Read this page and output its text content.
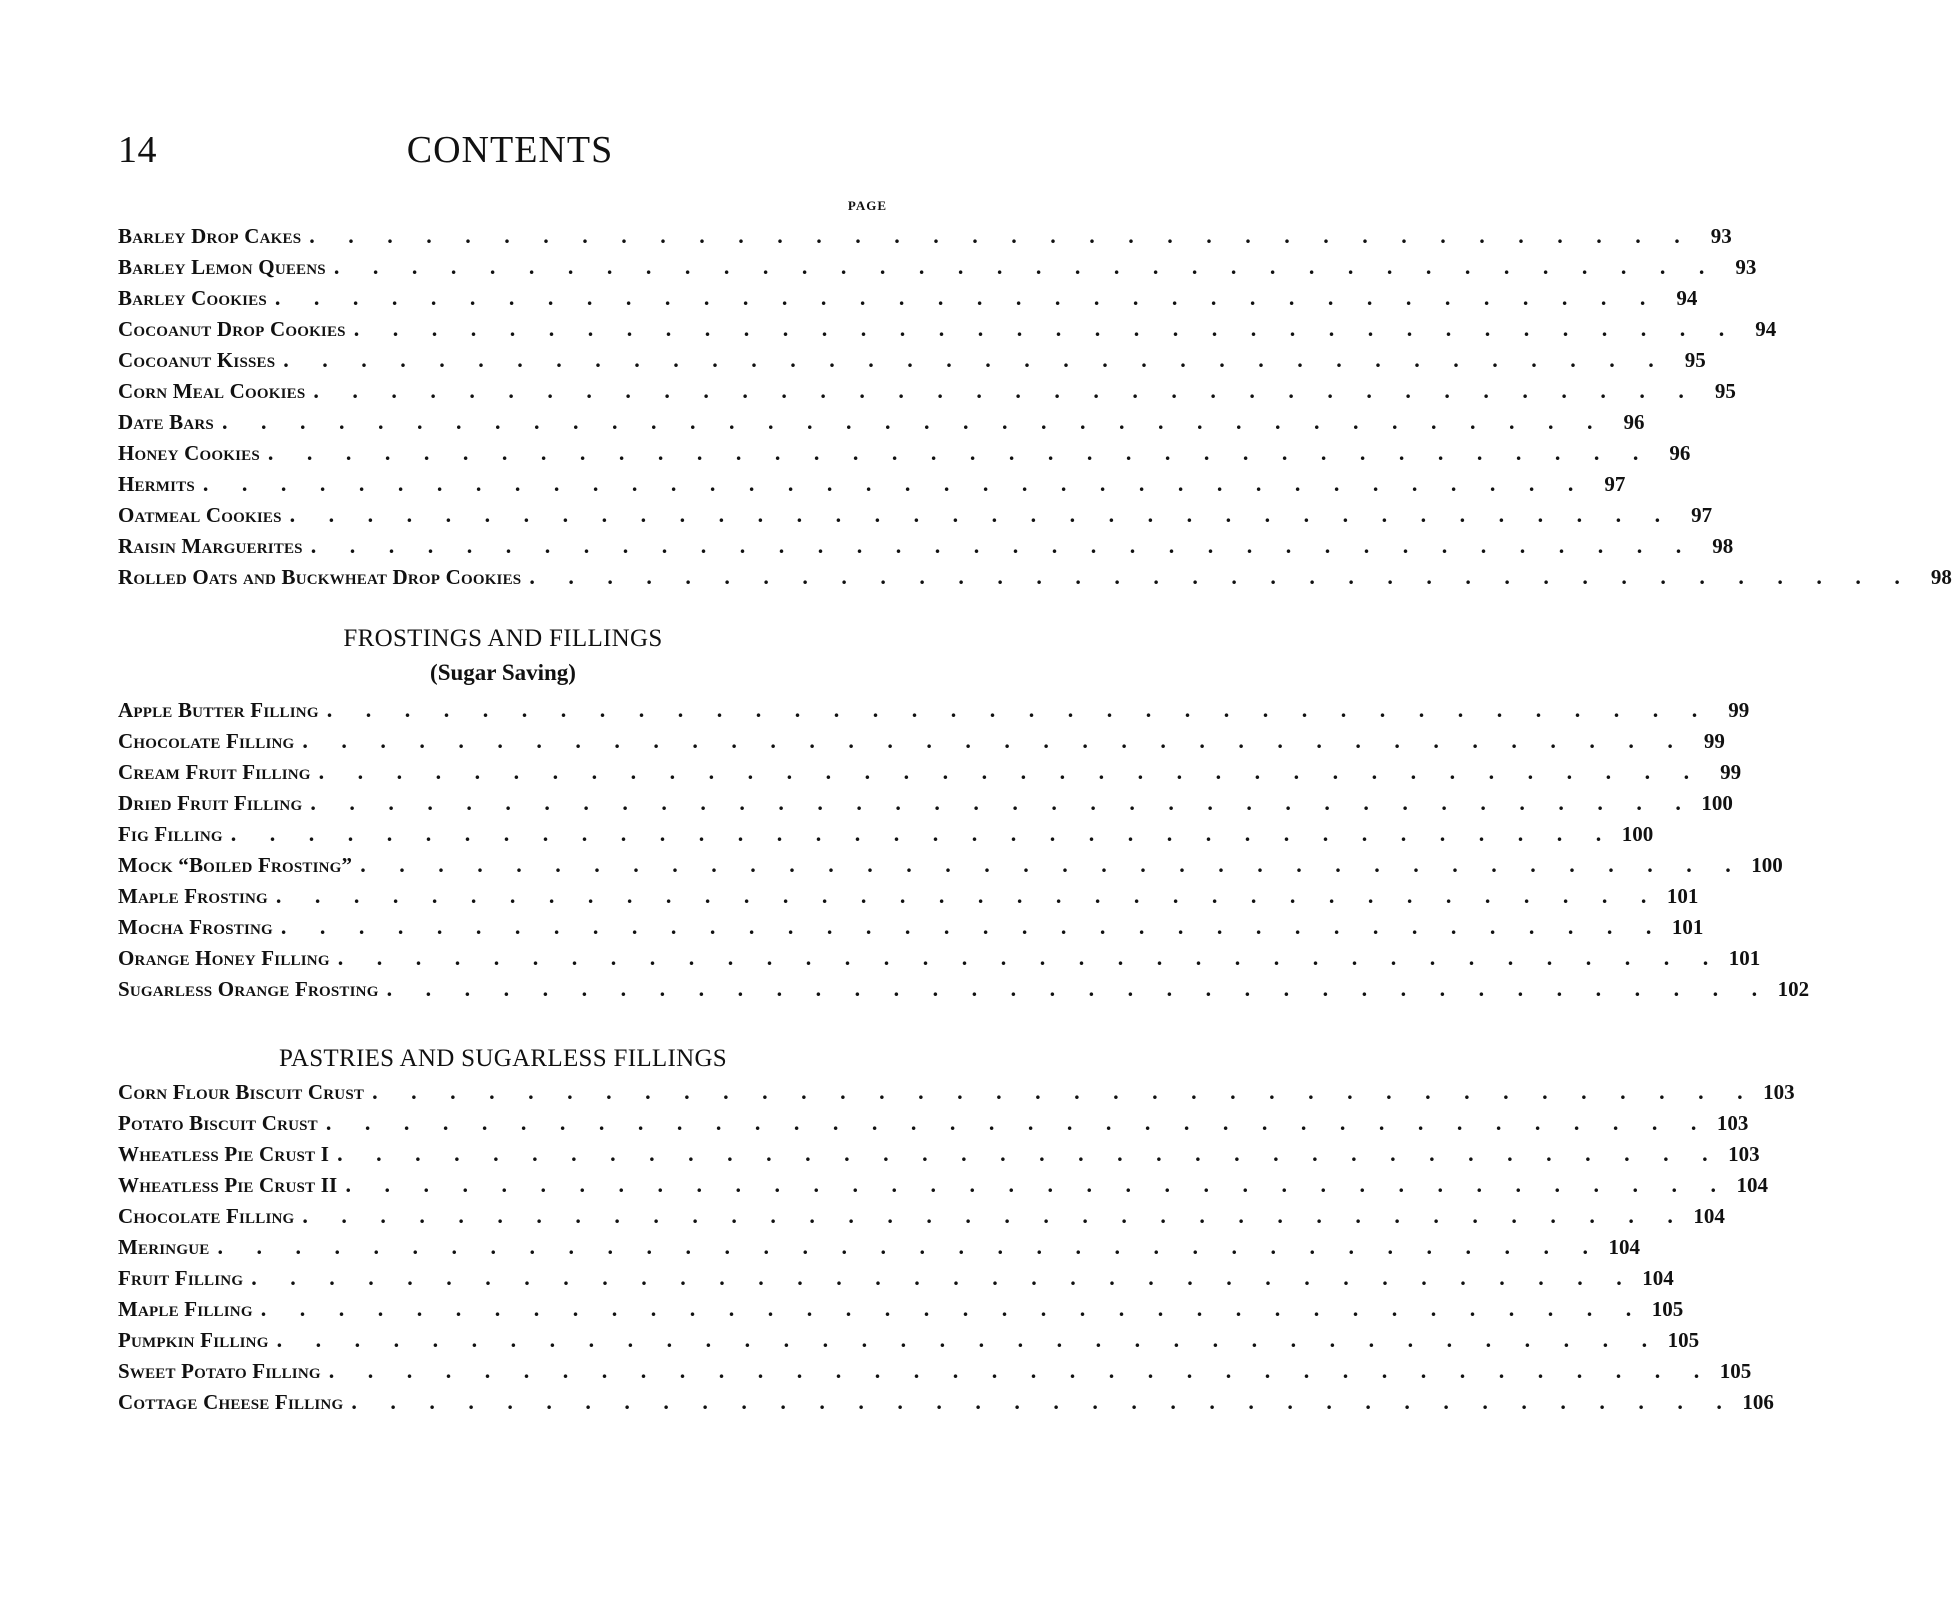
14	CONTENTS
PAGE
Barley Drop Cakes . . . . . . . . . . . . . . . . . . . . . . . . . . . . . . . . . . . . 93
Barley Lemon Queens . . . . . . . . . . . . . . . . . . . . . . . . . . . . . . . . . . . . 93
Barley Cookies . . . . . . . . . . . . . . . . . . . . . . . . . . . . . . . . . . . . 94
Cocoanut Drop Cookies . . . . . . . . . . . . . . . . . . . . . . . . . . . . . . . . . . . . 94
Cocoanut Kisses . . . . . . . . . . . . . . . . . . . . . . . . . . . . . . . . . . . . 95
Corn Meal Cookies . . . . . . . . . . . . . . . . . . . . . . . . . . . . . . . . . . . . 95
Date Bars . . . . . . . . . . . . . . . . . . . . . . . . . . . . . . . . . . . . 96
Honey Cookies . . . . . . . . . . . . . . . . . . . . . . . . . . . . . . . . . . . . 96
Hermits . . . . . . . . . . . . . . . . . . . . . . . . . . . . . . . . . . . . 97
Oatmeal Cookies . . . . . . . . . . . . . . . . . . . . . . . . . . . . . . . . . . . . 97
Raisin Marguerites . . . . . . . . . . . . . . . . . . . . . . . . . . . . . . . . . . . . 98
Rolled Oats and Buckwheat Drop Cookies . . . . . . . . . . . . . . . . . . . . . . . . . . . . . . . . . . . . 98
FROSTINGS AND FILLINGS
(Sugar Saving)
Apple Butter Filling . . . . . . . . . . . . . . . . . . . . . . . . . . . . . . . . . . . . 99
Chocolate Filling . . . . . . . . . . . . . . . . . . . . . . . . . . . . . . . . . . . . 99
Cream Fruit Filling . . . . . . . . . . . . . . . . . . . . . . . . . . . . . . . . . . . . 99
Dried Fruit Filling . . . . . . . . . . . . . . . . . . . . . . . . . . . . . . . . . . . . 100
Fig Filling . . . . . . . . . . . . . . . . . . . . . . . . . . . . . . . . . . . . 100
Mock “Boiled Frosting” . . . . . . . . . . . . . . . . . . . . . . . . . . . . . . . . . . . . 100
Maple Frosting . . . . . . . . . . . . . . . . . . . . . . . . . . . . . . . . . . . . 101
Mocha Frosting . . . . . . . . . . . . . . . . . . . . . . . . . . . . . . . . . . . . 101
Orange Honey Filling . . . . . . . . . . . . . . . . . . . . . . . . . . . . . . . . . . . . 101
Sugarless Orange Frosting . . . . . . . . . . . . . . . . . . . . . . . . . . . . . . . . . . . . 102
PASTRIES AND SUGARLESS FILLINGS
Corn Flour Biscuit Crust . . . . . . . . . . . . . . . . . . . . . . . . . . . . . . . . . . . . 103
Potato Biscuit Crust . . . . . . . . . . . . . . . . . . . . . . . . . . . . . . . . . . . . 103
Wheatless Pie Crust I . . . . . . . . . . . . . . . . . . . . . . . . . . . . . . . . . . . . 103
Wheatless Pie Crust II . . . . . . . . . . . . . . . . . . . . . . . . . . . . . . . . . . . . 104
Chocolate Filling . . . . . . . . . . . . . . . . . . . . . . . . . . . . . . . . . . . . 104
Meringue . . . . . . . . . . . . . . . . . . . . . . . . . . . . . . . . . . . . 104
Fruit Filling . . . . . . . . . . . . . . . . . . . . . . . . . . . . . . . . . . . . 104
Maple Filling . . . . . . . . . . . . . . . . . . . . . . . . . . . . . . . . . . . . 105
Pumpkin Filling . . . . . . . . . . . . . . . . . . . . . . . . . . . . . . . . . . . . 105
Sweet Potato Filling . . . . . . . . . . . . . . . . . . . . . . . . . . . . . . . . . . . . 105
Cottage Cheese Filling . . . . . . . . . . . . . . . . . . . . . . . . . . . . . . . . . . . . 106
